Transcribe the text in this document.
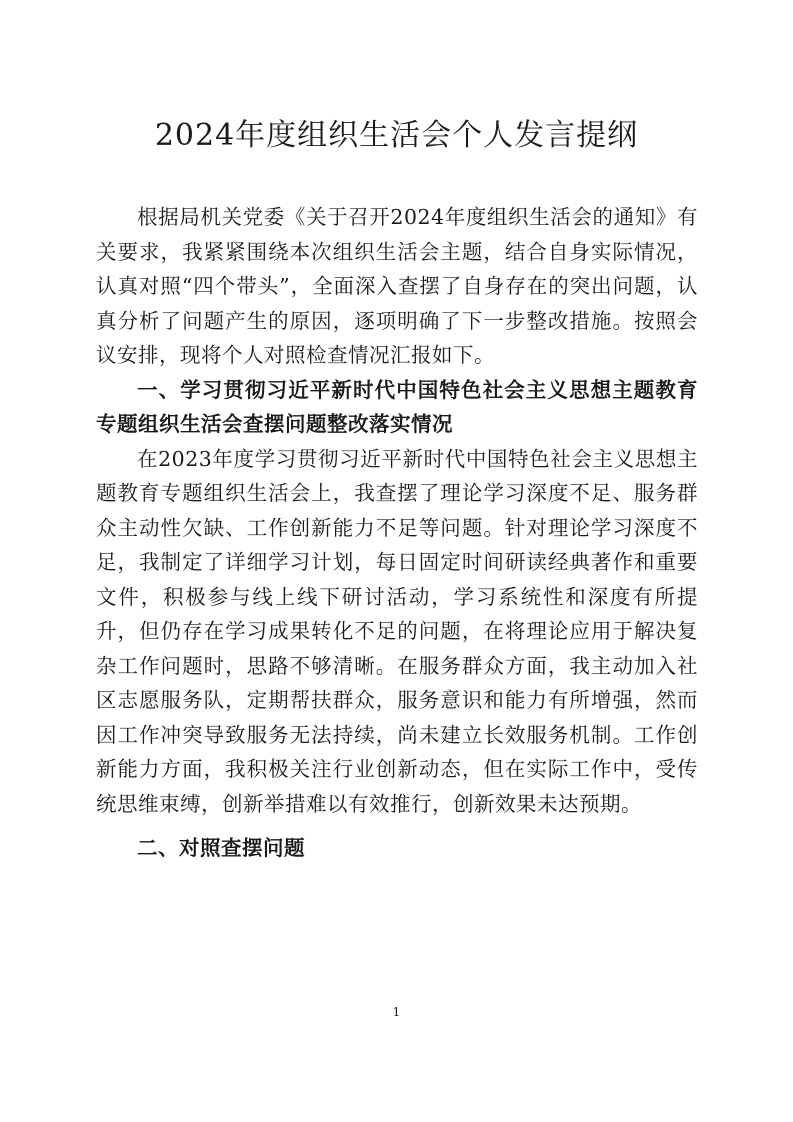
2024年度组织生活会个人发言提纲

根据局机关党委《关于召开2024年度组织生活会的通知》有关要求，我紧紧围绕本次组织生活会主题，结合自身实际情况，认真对照“四个带头”，全面深入查摆了自身存在的突出问题，认真分析了问题产生的原因，逐项明确了下一步整改措施。按照会议安排，现将个人对照检查情况汇报如下。

一、学习贯彻习近平新时代中国特色社会主义思想主题教育专题组织生活会查摆问题整改落实情况

在2023年度学习贯彻习近平新时代中国特色社会主义思想主题教育专题组织生活会上，我查摆了理论学习深度不足、服务群众主动性欠缺、工作创新能力不足等问题。针对理论学习深度不足，我制定了详细学习计划，每日固定时间研读经典著作和重要文件，积极参与线上线下研讨活动，学习系统性和深度有所提升，但仍存在学习成果转化不足的问题，在将理论应用于解决复杂工作问题时，思路不够清晰。在服务群众方面，我主动加入社区志愿服务队，定期帮扶群众，服务意识和能力有所增强，然而因工作冲突导致服务无法持续，尚未建立长效服务机制。工作创新能力方面，我积极关注行业创新动态，但在实际工作中，受传统思维束缚，创新举措难以有效推行，创新效果未达预期。

二、对照查摆问题

1
